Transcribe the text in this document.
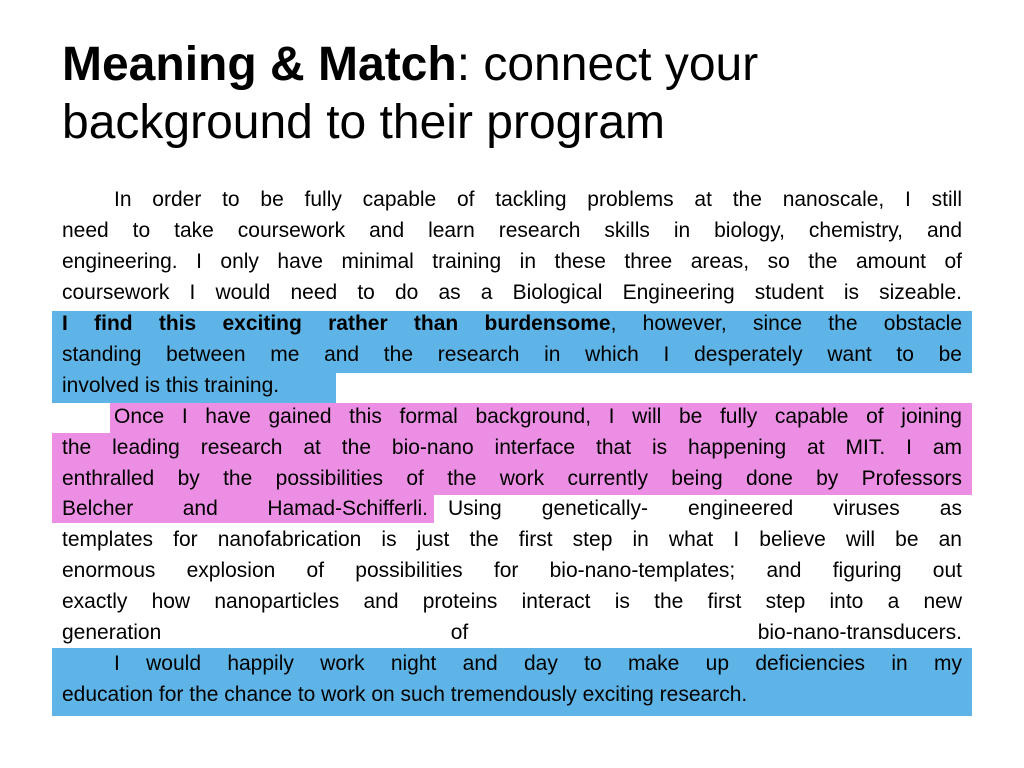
Meaning & Match: connect your
background to their program
In order to be fully capable of tackling problems at the nanoscale, I still
need to take coursework and learn research skills in biology, chemistry, and
engineering. I only have minimal training in these three areas, so the amount of
coursework I would need to do as a Biological Engineering student is sizeable.
I find this exciting rather than burdensome, however, since the obstacle
standing between me and the research in which I desperately want to be
involved is this training.
Once I have gained this formal background, I will be fully capable of joining
the leading research at the bio-nano interface that is happening at MIT. I am
enthralled by the possibilities of the work currently being done by Professors
Belcher and Hamad-Schifferli. Using genetically- engineered viruses as
templates for nanofabrication is just the first step in what I believe will be an
enormous explosion of possibilities for bio-nano-templates; and figuring out
exactly how nanoparticles and proteins interact is the first step into a new
generation of bio-nano-transducers.
I would happily work night and day to make up deficiencies in my
education for the chance to work on such tremendously exciting research.
